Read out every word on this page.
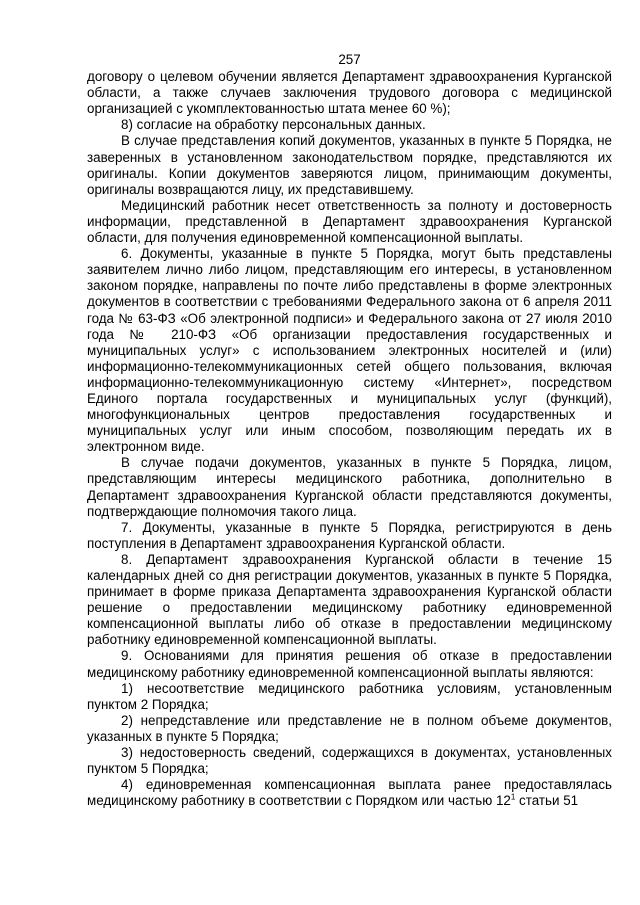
257

договору о целевом обучении является Департамент здравоохранения Курганской области, а также случаев заключения трудового договора с медицинской организацией с укомплектованностью штата менее 60 %);

8) согласие на обработку персональных данных.

В случае представления копий документов, указанных в пункте 5 Порядка, не заверенных в установленном законодательством порядке, представляются их оригиналы. Копии документов заверяются лицом, принимающим документы, оригиналы возвращаются лицу, их представившему.

Медицинский работник несет ответственность за полноту и достоверность информации, представленной в Департамент здравоохранения Курганской области, для получения единовременной компенсационной выплаты.

6. Документы, указанные в пункте 5 Порядка, могут быть представлены заявителем лично либо лицом, представляющим его интересы, в установленном законом порядке, направлены по почте либо представлены в форме электронных документов в соответствии с требованиями Федерального закона от 6 апреля 2011 года № 63-ФЗ «Об электронной подписи» и Федерального закона от 27 июля 2010 года № 210-ФЗ «Об организации предоставления государственных и муниципальных услуг» с использованием электронных носителей и (или) информационно-телекоммуникационных сетей общего пользования, включая информационно-телекоммуникационную систему «Интернет», посредством Единого портала государственных и муниципальных услуг (функций), многофункциональных центров предоставления государственных и муниципальных услуг или иным способом, позволяющим передать их в электронном виде.

В случае подачи документов, указанных в пункте 5 Порядка, лицом, представляющим интересы медицинского работника, дополнительно в Департамент здравоохранения Курганской области представляются документы, подтверждающие полномочия такого лица.

7. Документы, указанные в пункте 5 Порядка, регистрируются в день поступления в Департамент здравоохранения Курганской области.

8. Департамент здравоохранения Курганской области в течение 15 календарных дней со дня регистрации документов, указанных в пункте 5 Порядка, принимает в форме приказа Департамента здравоохранения Курганской области решение о предоставлении медицинскому работнику единовременной компенсационной выплаты либо об отказе в предоставлении медицинскому работнику единовременной компенсационной выплаты.

9. Основаниями для принятия решения об отказе в предоставлении медицинскому работнику единовременной компенсационной выплаты являются:

1) несоответствие медицинского работника условиям, установленным пунктом 2 Порядка;

2) непредставление или представление не в полном объеме документов, указанных в пункте 5 Порядка;

3) недостоверность сведений, содержащихся в документах, установленных пунктом 5 Порядка;

4) единовременная компенсационная выплата ранее предоставлялась медицинскому работнику в соответствии с Порядком или частью $12^1$ статьи 51
